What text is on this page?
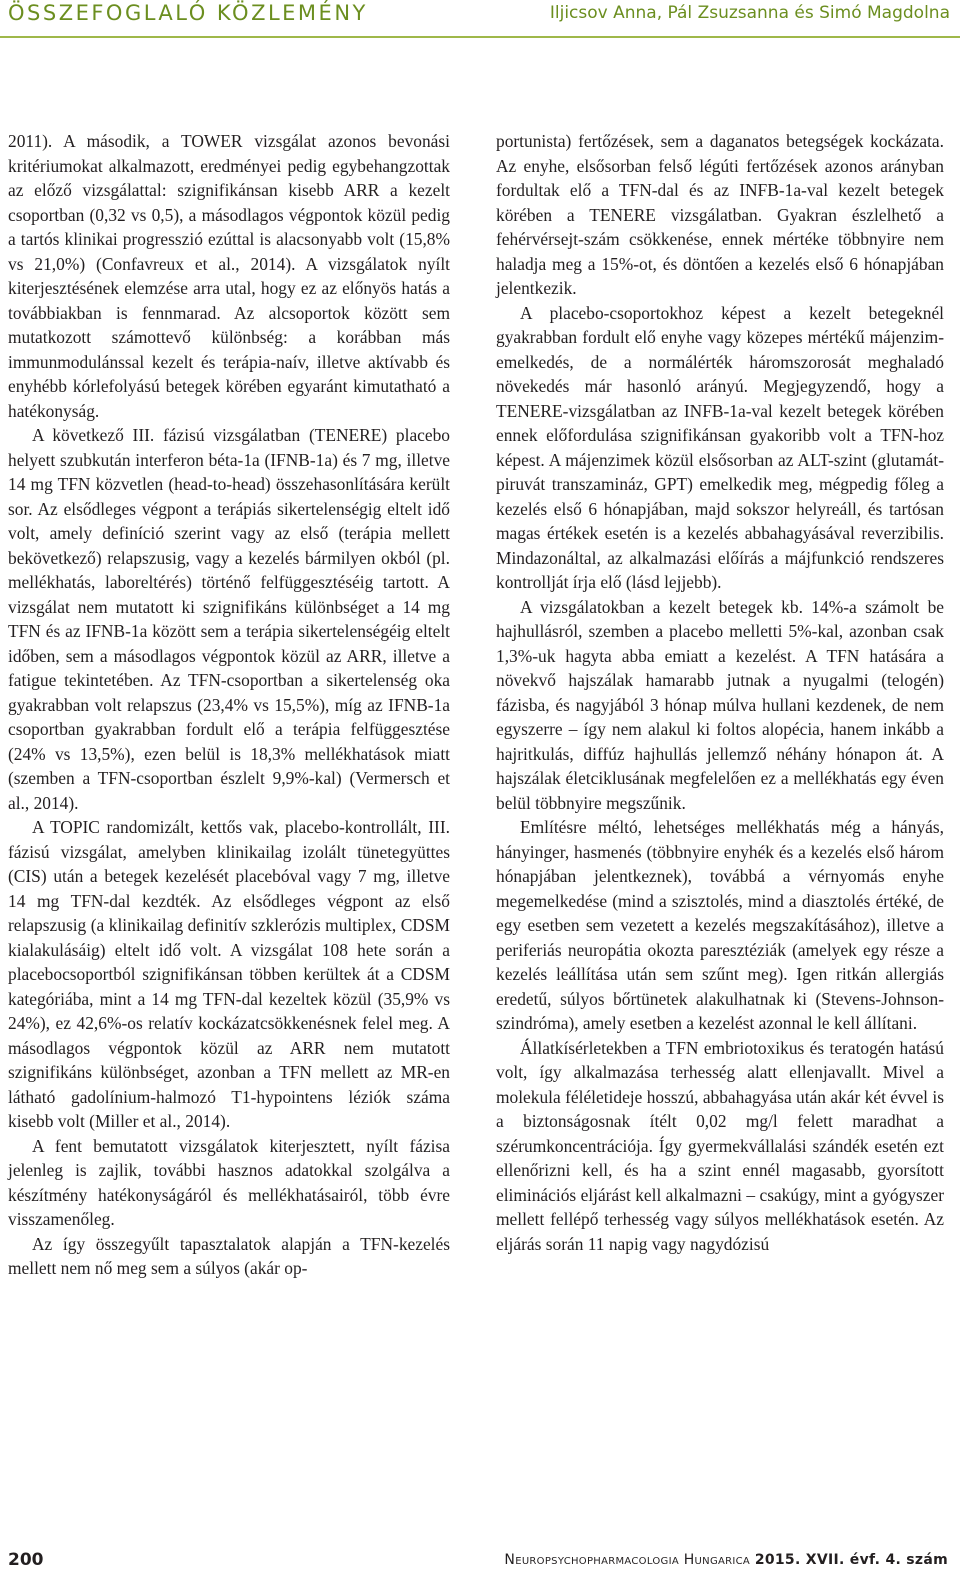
ÖSSZEFOGLALÓ KÖZLEMÉNY	Iljicsov Anna, Pál Zsuzsanna és Simó Magdolna

2011). A második, a TOWER vizsgálat azonos bevonási kritériumokat alkalmazott, eredményei pedig egybehangzottak az előző vizsgálattal: szignifikánsan kisebb ARR a kezelt csoportban (0,32 vs 0,5), a másodlagos végpontok közül pedig a tartós klinikai progresszió ezúttal is alacsonyabb volt (15,8% vs 21,0%) (Confavreux et al., 2014). A vizsgálatok nyílt kiterjesztésének elemzése arra utal, hogy ez az előnyös hatás a továbbiakban is fennmarad. Az alcsoportok között sem mutatkozott számottevő különbség: a korábban más immunmodulánssal kezelt és terápia-naív, illetve aktívabb és enyhébb kórlefolyású betegek körében egyaránt kimutatható a hatékonyság.

A következő III. fázisú vizsgálatban (TENERE) placebo helyett szubkután interferon béta-1a (IFNB-1a) és 7 mg, illetve 14 mg TFN közvetlen (head-to-head) összehasonlítására került sor. Az elsődleges végpont a terápiás sikertelenségig eltelt idő volt, amely definíció szerint vagy az első (terápia mellett bekövetkező) relapszusig, vagy a kezelés bármilyen okból (pl. mellékhatás, laboreltérés) történő felfüggesztéséig tartott. A vizsgálat nem mutatott ki szignifikáns különbséget a 14 mg TFN és az IFNB-1a között sem a terápia sikertelenségéig eltelt időben, sem a másodlagos végpontok közül az ARR, illetve a fatigue tekintetében. Az TFN-csoportban a sikertelenség oka gyakrabban volt relapszus (23,4% vs 15,5%), míg az IFNB-1a csoportban gyakrabban fordult elő a terápia felfüggesztése (24% vs 13,5%), ezen belül is 18,3% mellékhatások miatt (szemben a TFN-csoportban észlelt 9,9%-kal) (Vermersch et al., 2014).

A TOPIC randomizált, kettős vak, placebo-kontrollált, III. fázisú vizsgálat, amelyben klinikailag izolált tünetegyüttes (CIS) után a betegek kezelését placebóval vagy 7 mg, illetve 14 mg TFN-dal kezdték. Az elsődleges végpont az első relapszusig (a klinikailag definitív szklerózis multiplex, CDSM kialakulásáig) eltelt idő volt. A vizsgálat 108 hete során a placebocsoportból szignifikánsan többen kerültek át a CDSM kategóriába, mint a 14 mg TFN-dal kezeltek közül (35,9% vs 24%), ez 42,6%-os relatív kockázatcsökkenésnek felel meg. A másodlagos végpontok közül az ARR nem mutatott szignifikáns különbséget, azonban a TFN mellett az MR-en látható gadolínium-halmozó T1-hypointens léziók száma kisebb volt (Miller et al., 2014).

A fent bemutatott vizsgálatok kiterjesztett, nyílt fázisa jelenleg is zajlik, további hasznos adatokkal szolgálva a készítmény hatékonyságáról és mellékhatásairól, több évre visszamenőleg.

Az így összegyűlt tapasztalatok alapján a TFN-kezelés mellett nem nő meg sem a súlyos (akár op-

portunista) fertőzések, sem a daganatos betegségek kockázata. Az enyhe, elsősorban felső légúti fertőzések azonos arányban fordultak elő a TFN-dal és az INFB-1a-val kezelt betegek körében a TENERE vizsgálatban. Gyakran észlelhető a fehérvérsejt-szám csökkenése, ennek mértéke többnyire nem haladja meg a 15%-ot, és döntően a kezelés első 6 hónapjában jelentkezik.

A placebo-csoportokhoz képest a kezelt betegeknél gyakrabban fordult elő enyhe vagy közepes mértékű májenzim-emelkedés, de a normálérték háromszorosát meghaladó növekedés már hasonló arányú. Megjegyzendő, hogy a TENERE-vizsgálatban az INFB-1a-val kezelt betegek körében ennek előfordulása szignifikánsan gyakoribb volt a TFN-hoz képest. A májenzimek közül elsősorban az ALT-szint (glutamát-piruvát transzamináz, GPT) emelkedik meg, mégpedig főleg a kezelés első 6 hónapjában, majd sokszor helyreáll, és tartósan magas értékek esetén is a kezelés abbahagyásával reverzibilis. Mindazonáltal, az alkalmazási előírás a májfunkció rendszeres kontrollját írja elő (lásd lejjebb).

A vizsgálatokban a kezelt betegek kb. 14%-a számolt be hajhullásról, szemben a placebo melletti 5%-kal, azonban csak 1,3%-uk hagyta abba emiatt a kezelést. A TFN hatására a növekvő hajszálak hamarabb jutnak a nyugalmi (telogén) fázisba, és nagyjából 3 hónap múlva hullani kezdenek, de nem egyszerre – így nem alakul ki foltos alopécia, hanem inkább a hajritkulás, diffúz hajhullás jellemző néhány hónapon át. A hajszálak életciklusának megfelelően ez a mellékhatás egy éven belül többnyire megszűnik.

Említésre méltó, lehetséges mellékhatás még a hányás, hányinger, hasmenés (többnyire enyhék és a kezelés első három hónapjában jelentkeznek), továbbá a vérnyomás enyhe megemelkedése (mind a szisztolés, mind a diasztolés értéké, de egy esetben sem vezetett a kezelés megszakításához), illetve a periferiás neuropátia okozta paresztéziák (amelyek egy része a kezelés leállítása után sem szűnt meg). Igen ritkán allergiás eredetű, súlyos bőrtünetek alakulhatnak ki (Stevens-Johnson-szindróma), amely esetben a kezelést azonnal le kell állítani.

Állatkísérletekben a TFN embriotoxikus és teratogén hatású volt, így alkalmazása terhesség alatt ellenjavallt. Mivel a molekula féléletideje hosszú, abbahagyása után akár két évvel is a biztonságosnak ítélt 0,02 mg/l felett maradhat a szérumkoncentrációja. Így gyermekvállalási szándék esetén ezt ellenőrizni kell, és ha a szint ennél magasabb, gyorsított eliminációs eljárást kell alkalmazni – csakúgy, mint a gyógyszer mellett fellépő terhesség vagy súlyos mellékhatások esetén. Az eljárás során 11 napig vagy nagydózisú

200	Neuropsychopharmacologia Hungarica 2015. XVII. évf. 4. szám
